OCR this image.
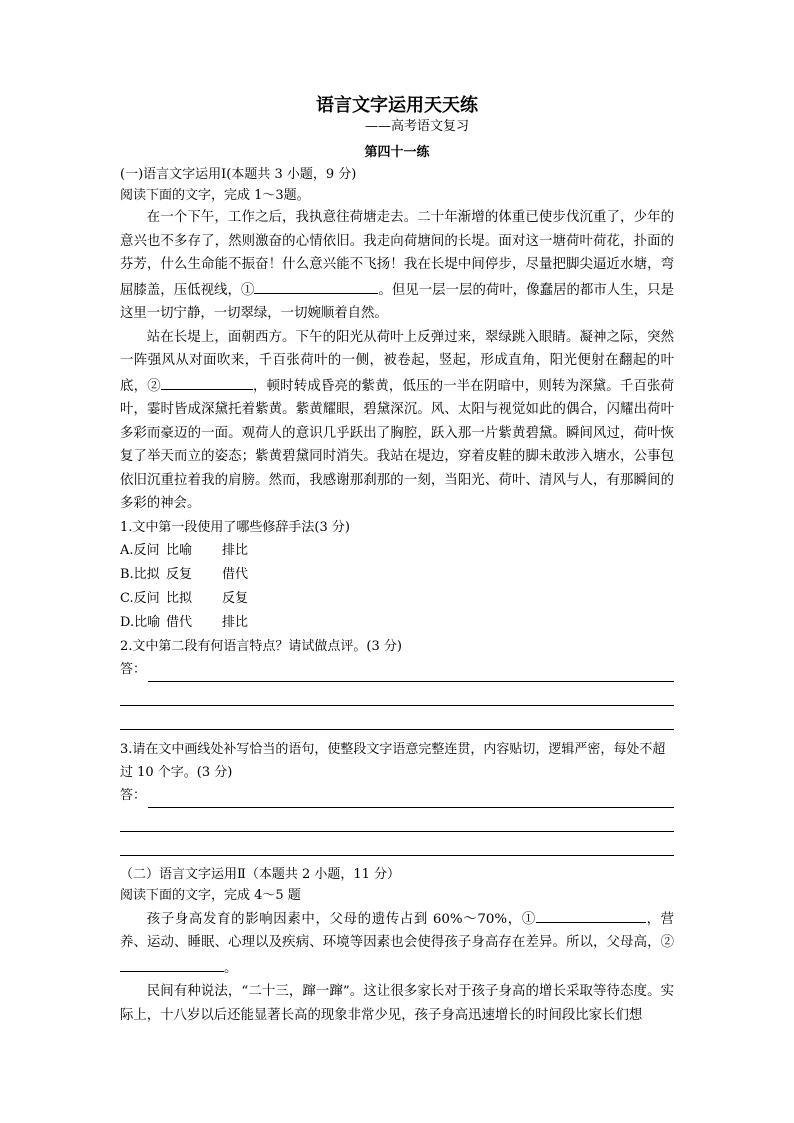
语言文字运用天天练
——高考语文复习
第四十一练
(一)语言文字运用Ⅰ(本题共 3 小题，9 分)
阅读下面的文字，完成 1～3题。

在一个下午，工作之后，我执意往荷塘走去。二十年渐增的体重已使步伐沉重了，少年的意兴也不多存了，然则激奋的心情依旧。我走向荷塘间的长堤。面对这一塘荷叶荷花，扑面的芬芳，什么生命能不振奋！什么意兴能不飞扬！我在长堤中间停步，尽量把脚尖逼近水塘，弯屈膝盖，压低视线，①	。但见一层一层的荷叶，像蠢居的都市人生，只是这里一切宁静，一切翠绿，一切婉顺着自然。

站在长堤上，面朝西方。下午的阳光从荷叶上反弹过来，翠绿跳入眼睛。凝神之际，突然一阵强风从对面吹来，千百张荷叶的一侧，被卷起，竖起，形成直角，阳光便射在翻起的叶底，②	，顿时转成昏亮的紫黄，低压的一半在阴暗中，则转为深黛。千百张荷叶，霎时皆成深黛托着紫黄。紫黄耀眼，碧黛深沉。风、太阳与视觉如此的偶合，闪耀出荷叶多彩而豪迈的一面。观荷人的意识几乎跃出了胸腔，跃入那一片紫黄碧黛。瞬间风过，荷叶恢复了举天而立的姿态；紫黄碧黛同时消失。我站在堤边，穿着皮鞋的脚未敢涉入塘水，公事包依旧沉重拉着我的肩膀。然而，我感谢那刹那的一刻，当阳光、荷叶、清风与人，有那瞬间的多彩的神会。

1.文中第一段使用了哪些修辞手法(3 分)
A.反问 比喻 排比
B.比拟 反复 借代
C.反问 比拟 反复
D.比喻 借代 排比
2.文中第二段有何语言特点？请试做点评。(3 分)
答：
3.请在文中画线处补写恰当的语句，使整段文字语意完整连贯，内容贴切，逻辑严密，每处不超过 10 个字。(3 分)
答：
（二）语言文字运用Ⅱ（本题共 2 小题，11 分）
阅读下面的文字，完成 4～5 题

孩子身高发育的影响因素中，父母的遗传占到 60%～70%，①	，营养、运动、睡眠、心理以及疾病、环境等因素也会使得孩子身高存在差异。所以，父母高，②。

民间有种说法，“二十三，蹿一蹿”。这让很多家长对于孩子身高的增长采取等待态度。实际上，十八岁以后还能显著长高的现象非常少见，孩子身高迅速增长的时间段比家长们想
